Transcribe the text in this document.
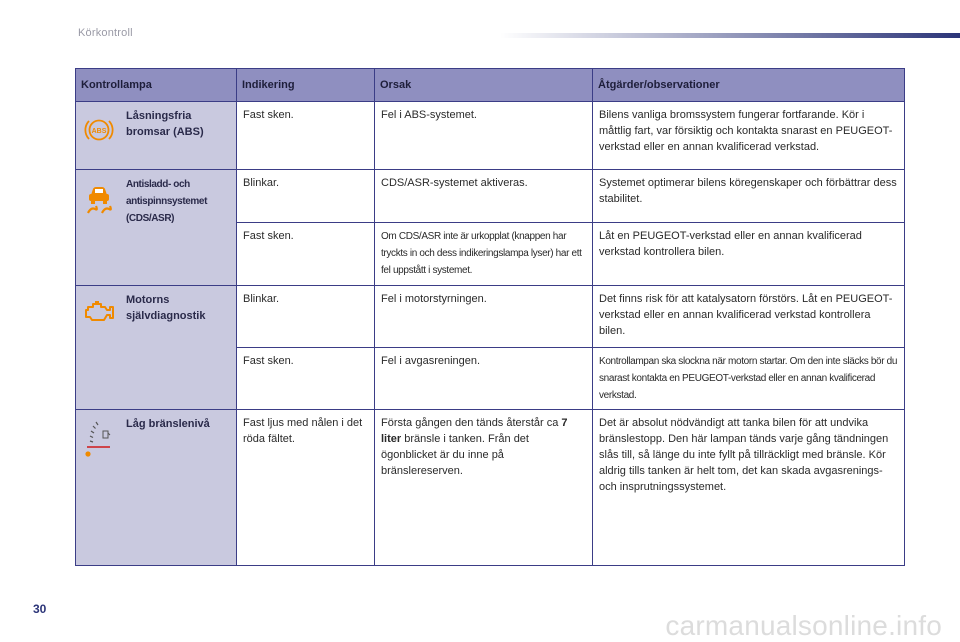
Körkontroll
Kontrollampa	Indikering	Orsak	Åtgärder/observationer

ABS
Låsningsfria bromsar (ABS)	Fast sken.	Fel i ABS-systemet.	Bilens vanliga bromssystem fungerar fortfarande. Kör i måttlig fart, var försiktig och kontakta snarast en PEUGEOT-verkstad eller en annan kvalificerad verkstad.

Antisladd- och antispinnsystemet (CDS/ASR)	Blinkar.	CDS/ASR-systemet aktiveras.	Systemet optimerar bilens köregenskaper och förbättrar dess stabilitet.
	Fast sken.	Om CDS/ASR inte är urkopplat (knappen har tryckts in och dess indikeringslampa lyser) har ett fel uppstått i systemet.	Låt en PEUGEOT-verkstad eller en annan kvalificerad verkstad kontrollera bilen.

Motorns självdiagnostik	Blinkar.	Fel i motorstyrningen.	Det finns risk för att katalysatorn förstörs. Låt en PEUGEOT-verkstad eller en annan kvalificerad verkstad kontrollera bilen.
	Fast sken.	Fel i avgasreningen.	Kontrollampan ska slockna när motorn startar. Om den inte släcks bör du snarast kontakta en PEUGEOT-verkstad eller en annan kvalificerad verkstad.

Låg bränslenivå	Fast ljus med nålen i det röda fältet.	Första gången den tänds återstår ca 7 liter bränsle i tanken. Från det ögonblicket är du inne på bränslereserven.	Det är absolut nödvändigt att tanka bilen för att undvika bränslestopp. Den här lampan tänds varje gång tändningen slås till, så länge du inte fyllt på tillräckligt med bränsle. Kör aldrig tills tanken är helt tom, det kan skada avgasrenings- och insprutningssystemet.
30
carmanualsonline.info
